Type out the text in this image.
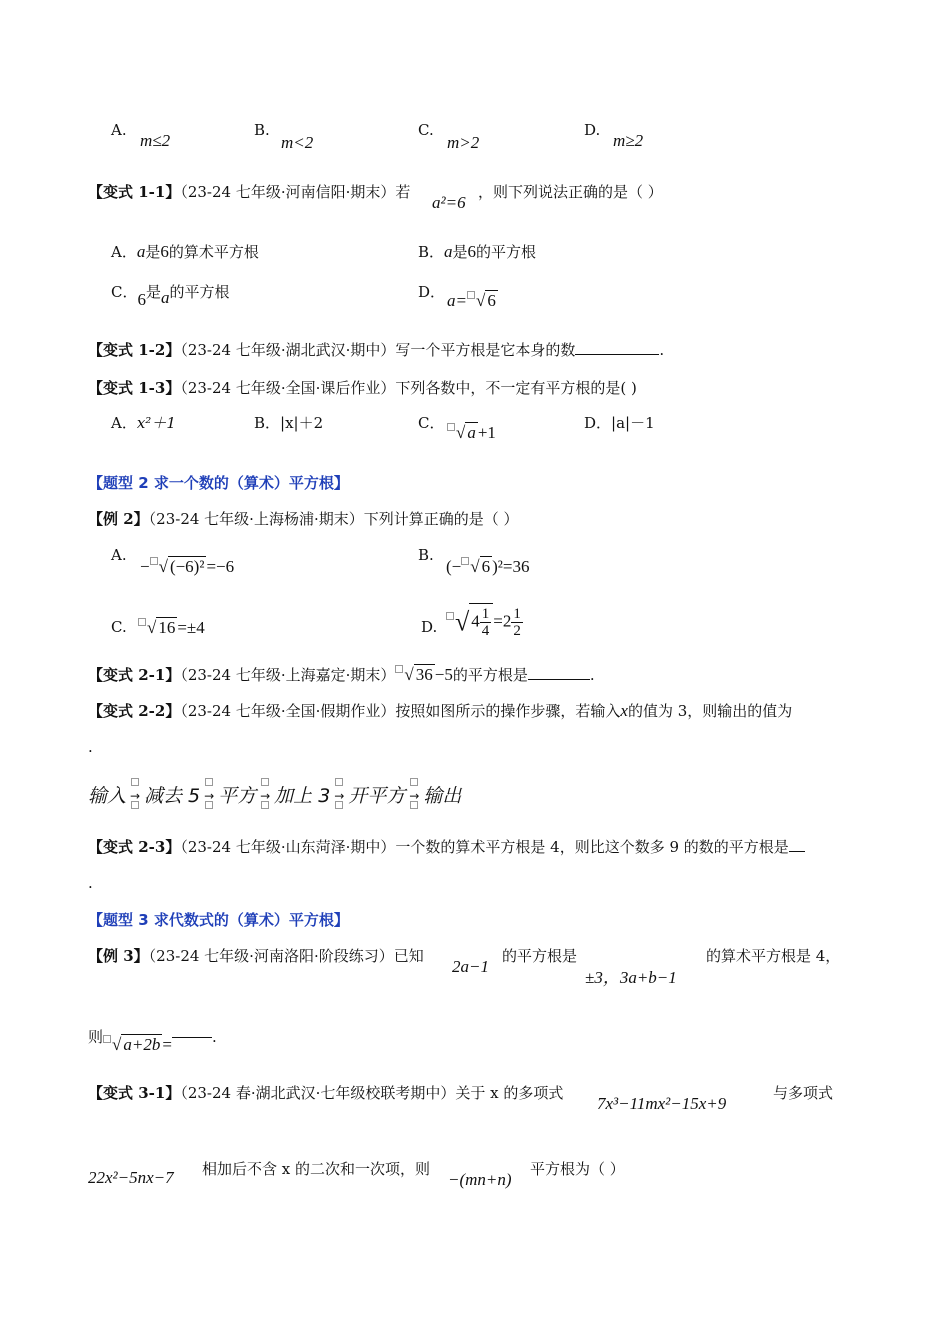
A.
m≤2
B.
m<2
C.
m>2
D.
m≥2
【变式 1-1】（23-24 七年级·河南信阳·期末）若
a²=6
，则下列说法正确的是（ ）
A．a是6的算术平方根	B．a是6的平方根
C．6是a的平方根	D． a= √ 6
【变式 1-2】（23-24 七年级·湖北武汉·期中）写一个平方根是它本身的数	.
【变式 1-3】（23-24 七年级·全国·课后作业）下列各数中，不一定有平方根的是( )
A．x²＋1	B．|x|＋2	C． √ a +1	D．|a|－1
【题型 2 求一个数的（算术）平方根】
【例 2】（23-24 七年级·上海杨浦·期末）下列计算正确的是（ ）
A.
− √ (−6)² =−6
B.
(− √ 6 )²=36
C.	√ 16 =±4	D. √ $4 \frac{1}{4} =2 \frac{1}{2}$
【变式 2-1】（23-24 七年级·上海嘉定·期末） √ 36 −5的平方根是	.
【变式 2-2】（23-24 七年级·全国·假期作业）按照如图所示的操作步骤，若输入x的值为 3，则输出的值为
.
输入 → 减去 5 → 平方 → 加上 3 → 开平方 → 输出
【变式 2-3】（23-24 七年级·山东菏泽·期中）一个数的算术平方根是 4，则比这个数多 9 的数的平方根是
.
【题型 3 求代数式的（算术）平方根】
【例 3】（23-24 七年级·河南洛阳·阶段练习）已知
2a−1
的平方根是
±3，3a+b−1
的算术平方根是 4，
则 √ a+2b =	.
【变式 3-1】（23-24 春·湖北武汉·七年级校联考期中）关于 x 的多项式
7x³−11mx²−15x+9
与多项式
22x²−5nx−7 相加后不含 x 的二次和一次项，则
−(mn+n)
平方根为（ ）
